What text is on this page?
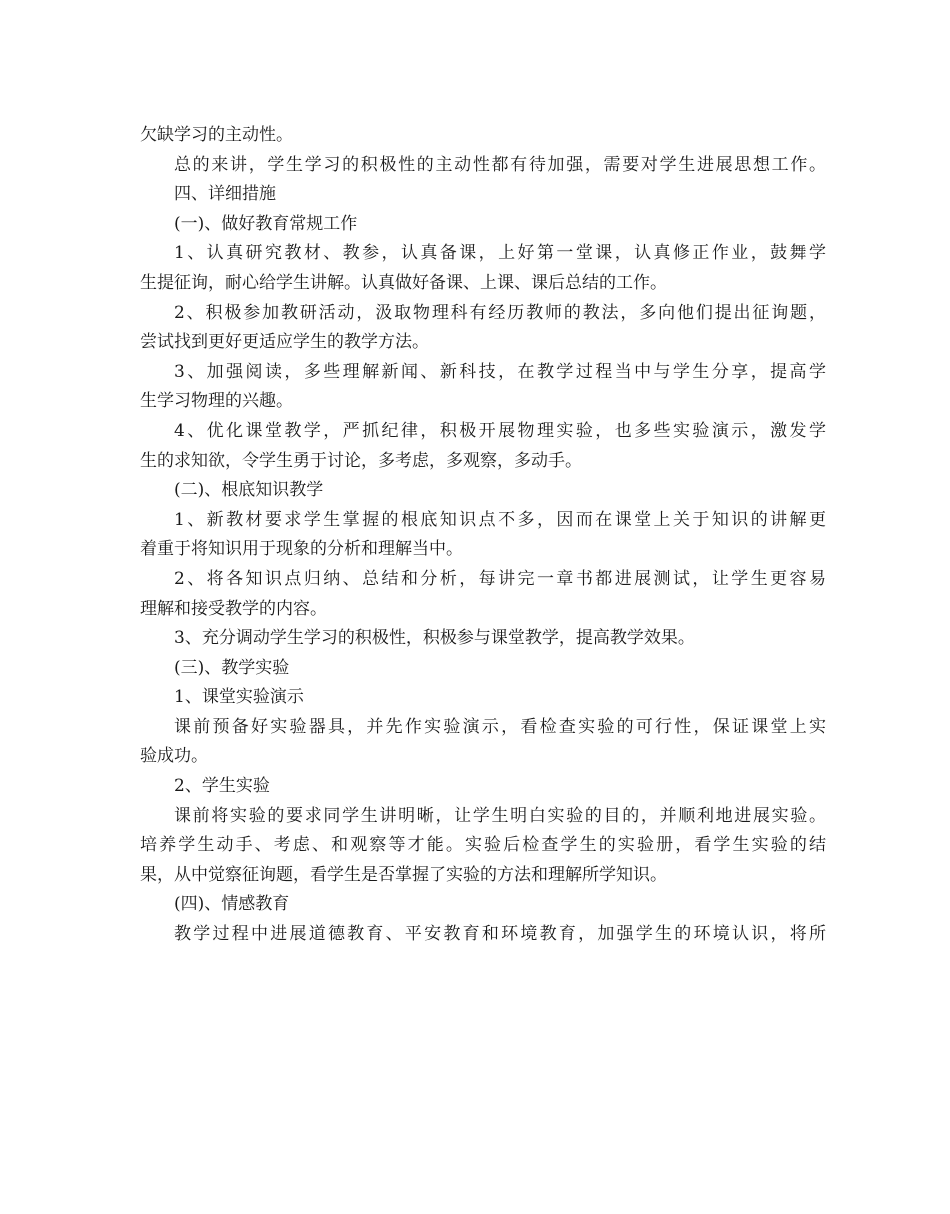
欠缺学习的主动性。
总的来讲，学生学习的积极性的主动性都有待加强，需要对学生进展思想工作。
四、详细措施
(一)、做好教育常规工作
1、认真研究教材、教参，认真备课，上好第一堂课，认真修正作业，鼓舞学
生提征询，耐心给学生讲解。认真做好备课、上课、课后总结的工作。
2、积极参加教研活动，汲取物理科有经历教师的教法，多向他们提出征询题，
尝试找到更好更适应学生的教学方法。
3、加强阅读，多些理解新闻、新科技，在教学过程当中与学生分享，提高学
生学习物理的兴趣。
4、优化课堂教学，严抓纪律，积极开展物理实验，也多些实验演示，激发学
生的求知欲，令学生勇于讨论，多考虑，多观察，多动手。
(二)、根底知识教学
1、新教材要求学生掌握的根底知识点不多，因而在课堂上关于知识的讲解更
着重于将知识用于现象的分析和理解当中。
2、将各知识点归纳、总结和分析，每讲完一章书都进展测试，让学生更容易
理解和接受教学的内容。
3、充分调动学生学习的积极性，积极参与课堂教学，提高教学效果。
(三)、教学实验
1、课堂实验演示
课前预备好实验器具，并先作实验演示，看检查实验的可行性，保证课堂上实
验成功。
2、学生实验
课前将实验的要求同学生讲明晰，让学生明白实验的目的，并顺利地进展实验。
培养学生动手、考虑、和观察等才能。实验后检查学生的实验册，看学生实验的结
果，从中觉察征询题，看学生是否掌握了实验的方法和理解所学知识。
(四)、情感教育
教学过程中进展道德教育、平安教育和环境教育，加强学生的环境认识，将所
